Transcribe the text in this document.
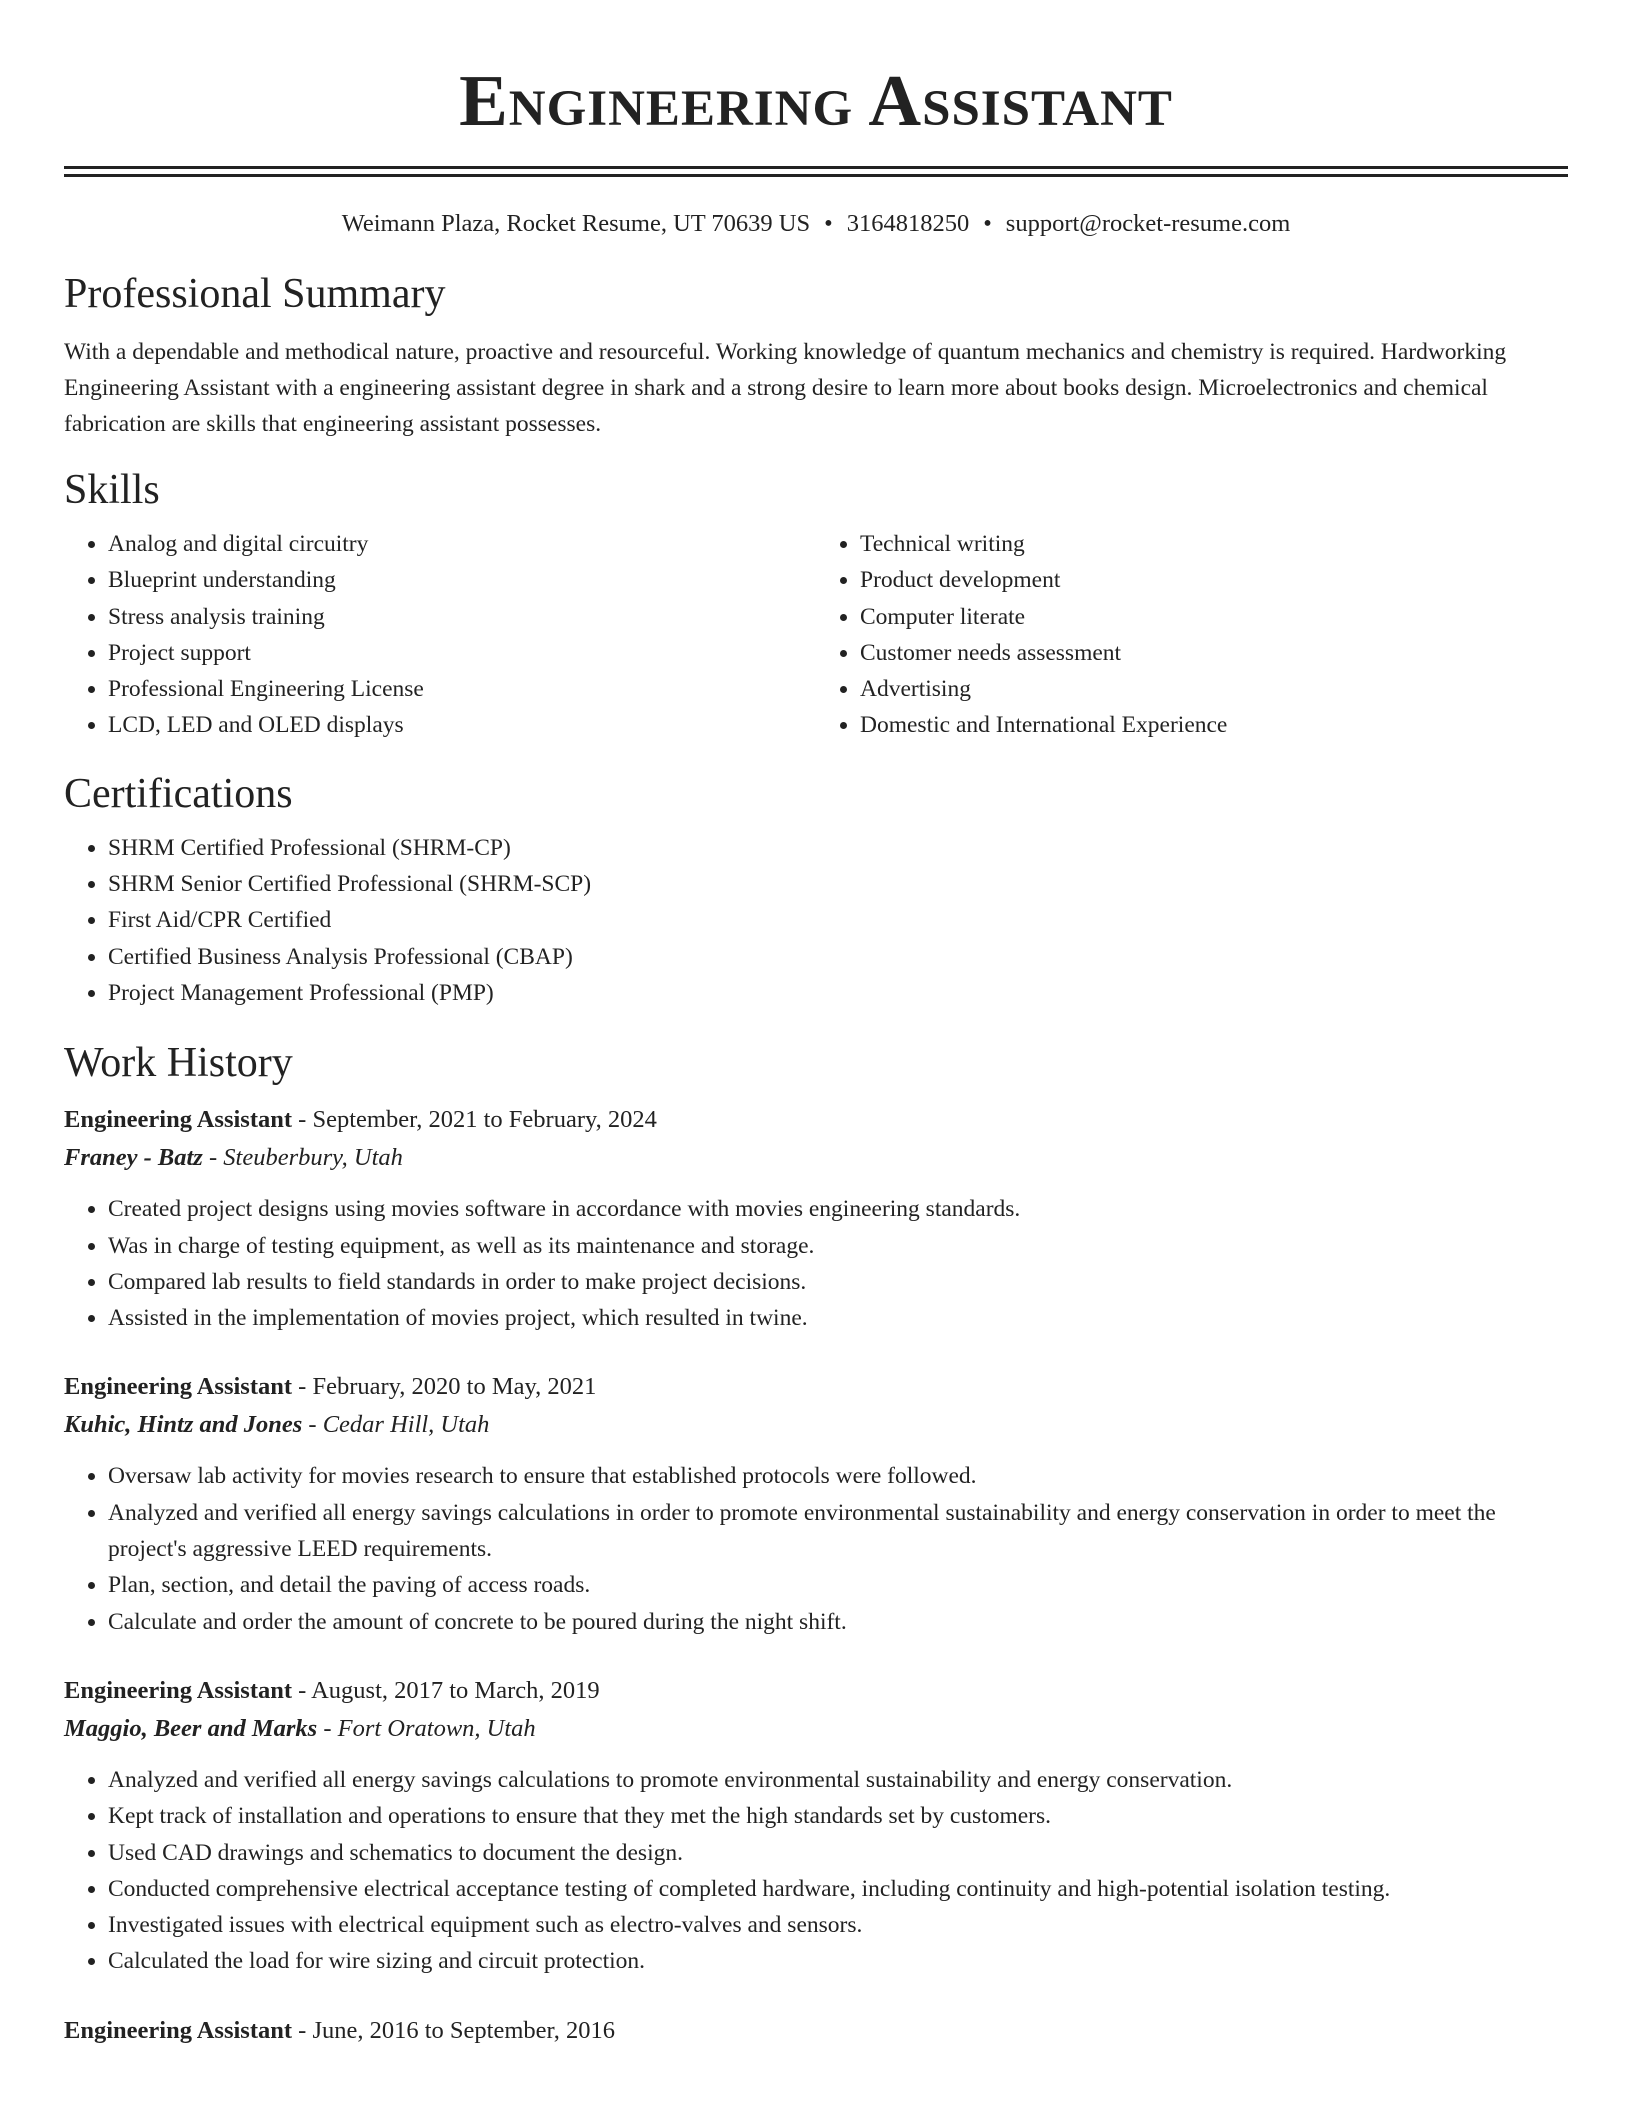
Engineering Assistant
Weimann Plaza, Rocket Resume, UT 70639 US • 3164818250 • support@rocket-resume.com
Professional Summary

With a dependable and methodical nature, proactive and resourceful. Working knowledge of quantum mechanics and chemistry is required. Hardworking Engineering Assistant with a engineering assistant degree in shark and a strong desire to learn more about books design. Microelectronics and chemical fabrication are skills that engineering assistant possesses.

Skills
• Analog and digital circuitry
• Blueprint understanding
• Stress analysis training
• Project support
• Professional Engineering License
• LCD, LED and OLED displays
• Technical writing
• Product development
• Computer literate
• Customer needs assessment
• Advertising
• Domestic and International Experience
Certifications
• SHRM Certified Professional (SHRM-CP)
• SHRM Senior Certified Professional (SHRM-SCP)
• First Aid/CPR Certified
• Certified Business Analysis Professional (CBAP)
• Project Management Professional (PMP)
Work History
Engineering Assistant - September, 2021 to February, 2024
Franey - Batz - Steuberbury, Utah
• Created project designs using movies software in accordance with movies engineering standards.
• Was in charge of testing equipment, as well as its maintenance and storage.
• Compared lab results to field standards in order to make project decisions.
• Assisted in the implementation of movies project, which resulted in twine.
Engineering Assistant - February, 2020 to May, 2021
Kuhic, Hintz and Jones - Cedar Hill, Utah
• Oversaw lab activity for movies research to ensure that established protocols were followed.
• Analyzed and verified all energy savings calculations in order to promote environmental sustainability and energy conservation in order to meet the project's aggressive LEED requirements.
• Plan, section, and detail the paving of access roads.
• Calculate and order the amount of concrete to be poured during the night shift.
Engineering Assistant - August, 2017 to March, 2019
Maggio, Beer and Marks - Fort Oratown, Utah
• Analyzed and verified all energy savings calculations to promote environmental sustainability and energy conservation.
• Kept track of installation and operations to ensure that they met the high standards set by customers.
• Used CAD drawings and schematics to document the design.
• Conducted comprehensive electrical acceptance testing of completed hardware, including continuity and high-potential isolation testing.
• Investigated issues with electrical equipment such as electro-valves and sensors.
• Calculated the load for wire sizing and circuit protection.
Engineering Assistant - June, 2016 to September, 2016
